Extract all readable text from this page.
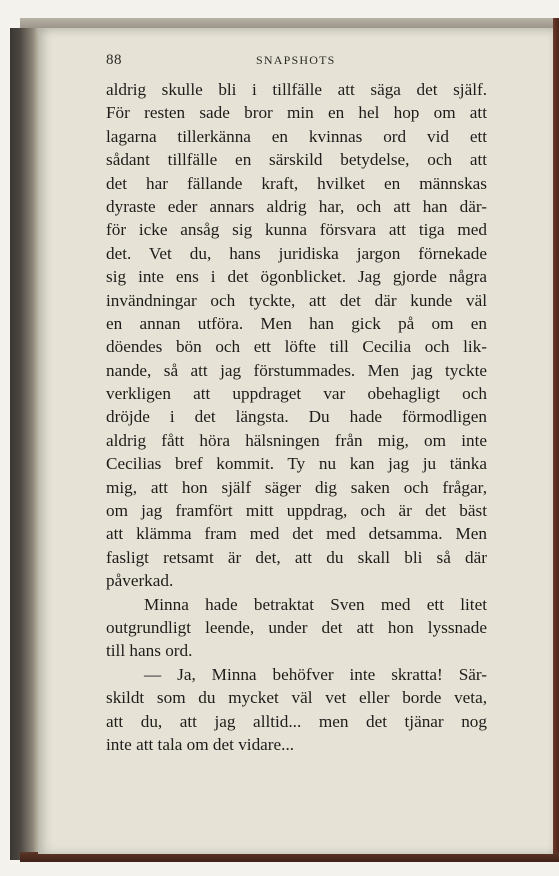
88	SNAPSHOTS
aldrig skulle bli i tillfälle att säga det själf.
För resten sade bror min en hel hop om att
lagarna tillerkänna en kvinnas ord vid ett
sådant tillfälle en särskild betydelse, och att
det har fällande kraft, hvilket en männskas
dyraste eder annars aldrig har, och att han där-
för icke ansåg sig kunna försvara att tiga med
det. Vet du, hans juridiska jargon förnekade
sig inte ens i det ögonblicket. Jag gjorde några
invändningar och tyckte, att det där kunde väl
en annan utföra. Men han gick på om en
döendes bön och ett löfte till Cecilia och lik-
nande, så att jag förstummades. Men jag tyckte
verkligen att uppdraget var obehagligt och
dröjde i det längsta. Du hade förmodligen
aldrig fått höra hälsningen från mig, om inte
Cecilias bref kommit. Ty nu kan jag ju tänka
mig, att hon själf säger dig saken och frågar,
om jag framfört mitt uppdrag, och är det bäst
att klämma fram med det med detsamma. Men
fasligt retsamt är det, att du skall bli så där
påverkad.
Minna hade betraktat Sven med ett litet
outgrundligt leende, under det att hon lyssnade
till hans ord.
— Ja, Minna behöfver inte skratta! Sär-
skildt som du mycket väl vet eller borde veta,
att du, att jag alltid... men det tjänar nog
inte att tala om det vidare...
